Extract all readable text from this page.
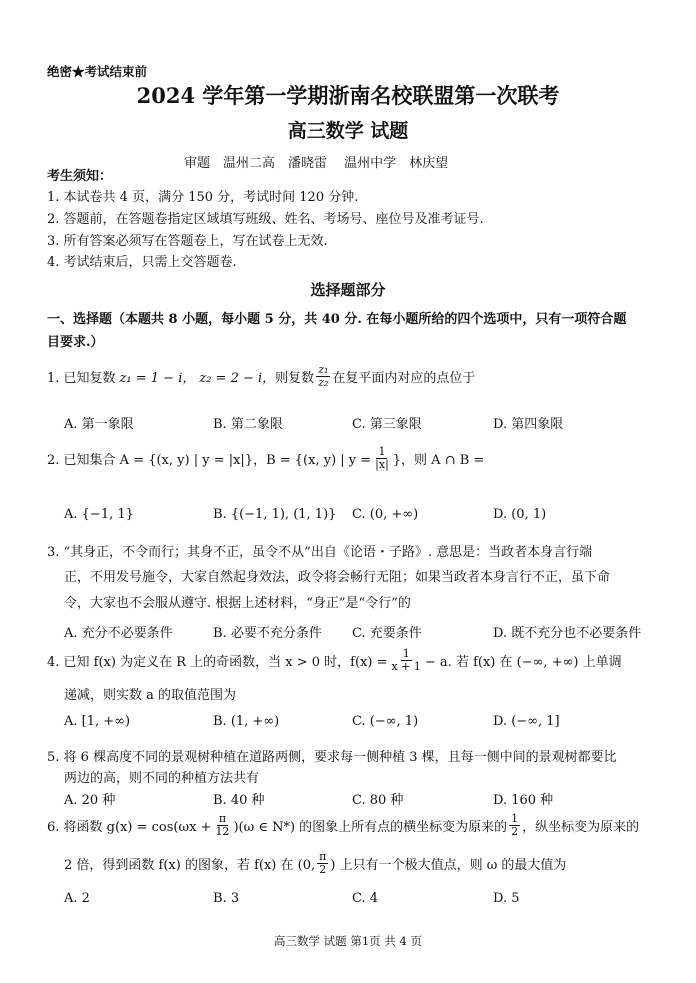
绝密★考试结束前
2024 学年第一学期浙南名校联盟第一次联考
高三数学 试题
审题　温州二高　潘晓雷　 温州中学　林庆望
考生须知：
1. 本试卷共 4 页，满分 150 分，考试时间 120 分钟.
2. 答题前，在答题卷指定区域填写班级、姓名、考场号、座位号及准考证号.
3. 所有答案必须写在答题卷上，写在试卷上无效.
4. 考试结束后，只需上交答题卷.
选择题部分
一、选择题（本题共 8 小题，每小题 5 分，共 40 分. 在每小题所给的四个选项中，只有一项符合题
目要求.）
1. 已知复数 z₁ = 1 − i， z₂ = 2 − i， 则复数 $\frac{\text{z₁}}{\text{z₂}}$ 在复平面内对应的点位于
A. 第一象限	B. 第二象限	C. 第三象限	D. 第四象限
2. 已知集合 A = {(x, y) | y = |x|}，B = {(x, y) | $y = \frac{1}{|x|}$ }，则 A ∩ B =
A. {−1, 1}	B. {(−1, 1), (1, 1)} C. (0, +∞)	D. (0, 1)
3. “其身正，不令而行；其身不正，虽令不从”出自《论语・子路》. 意思是：当政者本身言行端
正，不用发号施令，大家自然起身效法，政令将会畅行无阻；如果当政者本身言行不正，虽下命
令，大家也不会服从遵守. 根据上述材料，“身正”是“令行”的
A. 充分不必要条件	B. 必要不充分条件 C. 充要条件	D. 既不充分也不必要条件
4. 已知 f(x) 为定义在 R 上的奇函数，当 x > 0 时，$f(x) = \frac{1}{x + 1} - a$. 若 f(x) 在 (−∞, +∞) 上单调
递减，则实数 a 的取值范围为
A. [1, +∞)	B. (1, +∞)	C. (−∞, 1)	D. (−∞, 1]
5. 将 6 棵高度不同的景观树种植在道路两侧，要求每一侧种植 3 棵，且每一侧中间的景观树都要比
两边的高，则不同的种植方法共有
A. 20 种	B. 40 种	C. 80 种	D. 160 种
6. 将函数 $g(x) = \cos(\omega x + \frac{\pi}{12} )(\omega$ ∈ N*) 的图象上所有点的横坐标变为原来的 $\frac{1}{2}$ ，纵坐标变为原来的
2 倍，得到函数 f(x) 的图象，若 f(x) 在 (0, $\frac{\pi}{2}$ ) 上只有一个极大值点，则 ω 的最大值为
A. 2	B. 3	C. 4	D. 5
高三数学 试题 第1页 共 4 页
